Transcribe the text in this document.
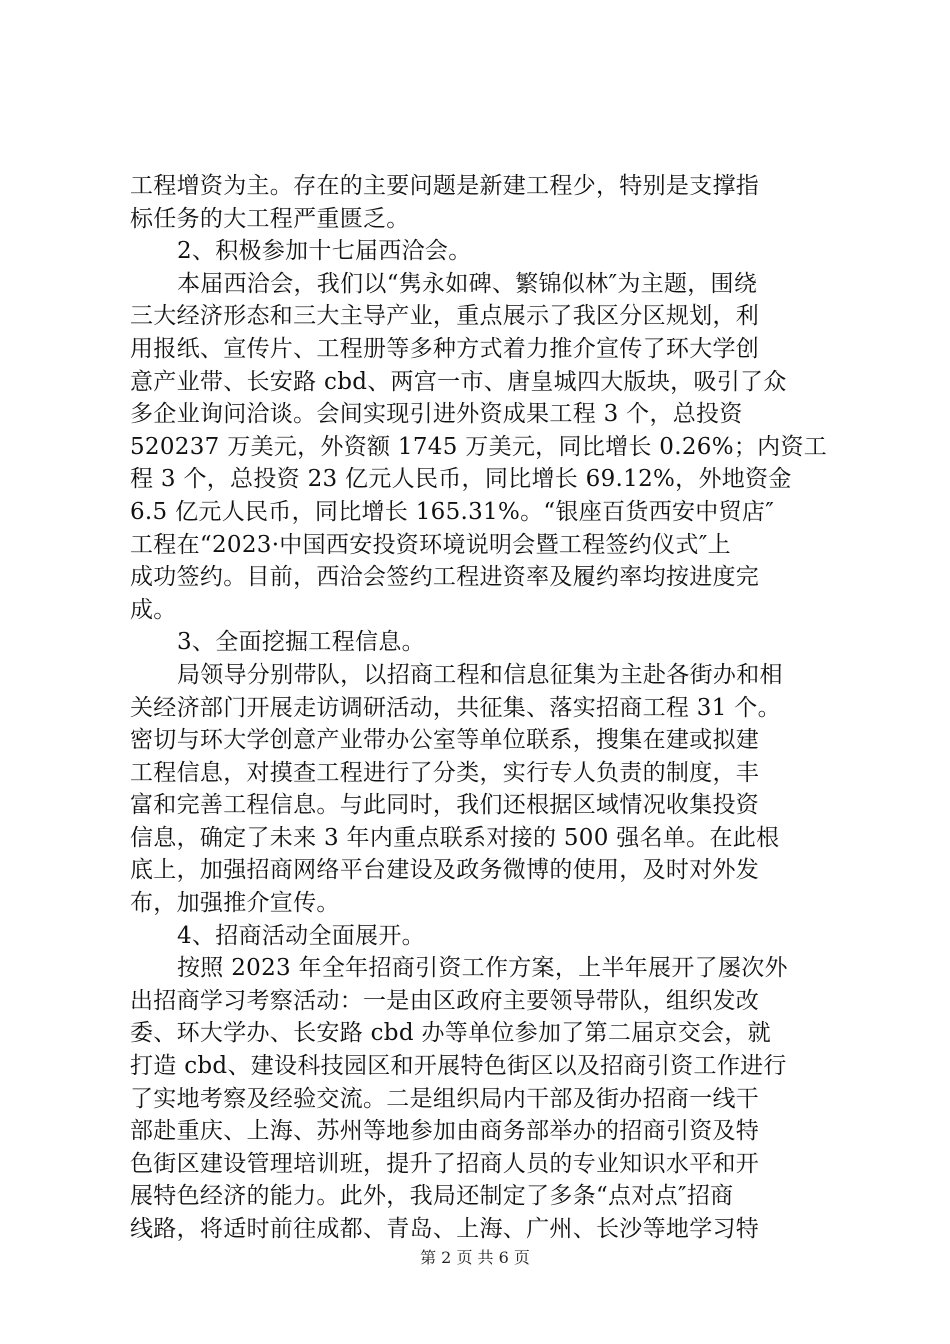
工程增资为主。存在的主要问题是新建工程少，特别是支撑指
标任务的大工程严重匮乏。
2、积极参加十七届西洽会。
本届西洽会，我们以“隽永如碑、繁锦似林″为主题，围绕
三大经济形态和三大主导产业，重点展示了我区分区规划，利
用报纸、宣传片、工程册等多种方式着力推介宣传了环大学创
意产业带、长安路 cbd、两宫一市、唐皇城四大版块，吸引了众
多企业询问洽谈。会间实现引进外资成果工程 3 个，总投资
520237 万美元，外资额 1745 万美元，同比增长 0.26%；内资工
程 3 个，总投资 23 亿元人民币，同比增长 69.12%，外地资金
6.5 亿元人民币，同比增长 165.31%。“银座百货西安中贸店″
工程在“2023·中国西安投资环境说明会暨工程签约仪式″上
成功签约。目前，西洽会签约工程进资率及履约率均按进度完
成。
3、全面挖掘工程信息。
局领导分别带队，以招商工程和信息征集为主赴各街办和相
关经济部门开展走访调研活动，共征集、落实招商工程 31 个。
密切与环大学创意产业带办公室等单位联系，搜集在建或拟建
工程信息，对摸查工程进行了分类，实行专人负责的制度，丰
富和完善工程信息。与此同时，我们还根据区域情况收集投资
信息，确定了未来 3 年内重点联系对接的 500 强名单。在此根
底上，加强招商网络平台建设及政务微博的使用，及时对外发
布，加强推介宣传。
4、招商活动全面展开。
按照 2023 年全年招商引资工作方案，上半年展开了屡次外
出招商学习考察活动：一是由区政府主要领导带队，组织发改
委、环大学办、长安路 cbd 办等单位参加了第二届京交会，就
打造 cbd、建设科技园区和开展特色街区以及招商引资工作进行
了实地考察及经验交流。二是组织局内干部及街办招商一线干
部赴重庆、上海、苏州等地参加由商务部举办的招商引资及特
色街区建设管理培训班，提升了招商人员的专业知识水平和开
展特色经济的能力。此外，我局还制定了多条“点对点″招商
线路，将适时前往成都、青岛、上海、广州、长沙等地学习特
第 2 页 共 6 页
